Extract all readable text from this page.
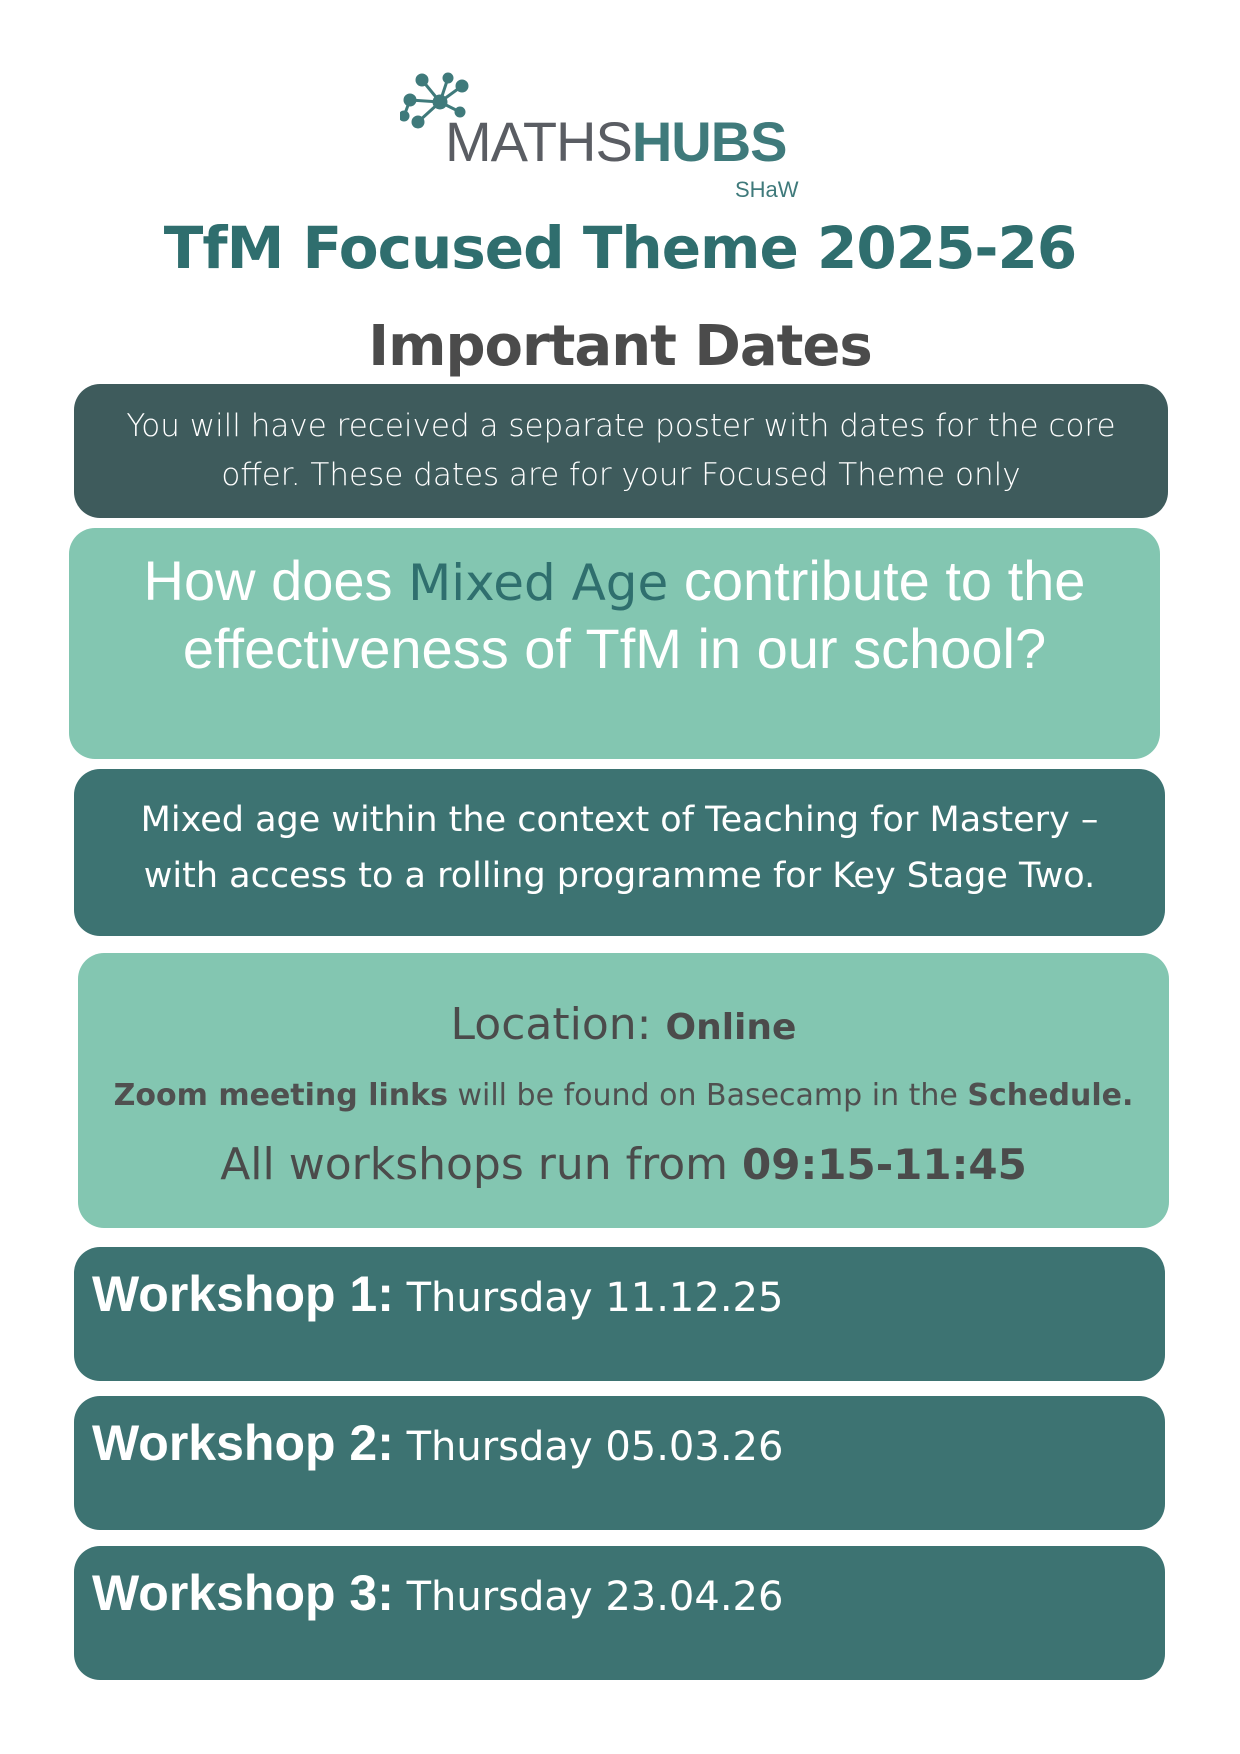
MATHSHUBS
SHaW
TfM Focused Theme 2025-26
Important Dates
You will have received a separate poster with dates for the core
offer. These dates are for your Focused Theme only
How does Mixed Age contribute to the
effectiveness of TfM in our school?
Mixed age within the context of Teaching for Mastery –
with access to a rolling programme for Key Stage Two.
Location: Online
Zoom meeting links will be found on Basecamp in the Schedule.
All workshops run from 09:15-11:45
Workshop 1: Thursday 11.12.25
Workshop 2: Thursday 05.03.26
Workshop 3: Thursday 23.04.26
